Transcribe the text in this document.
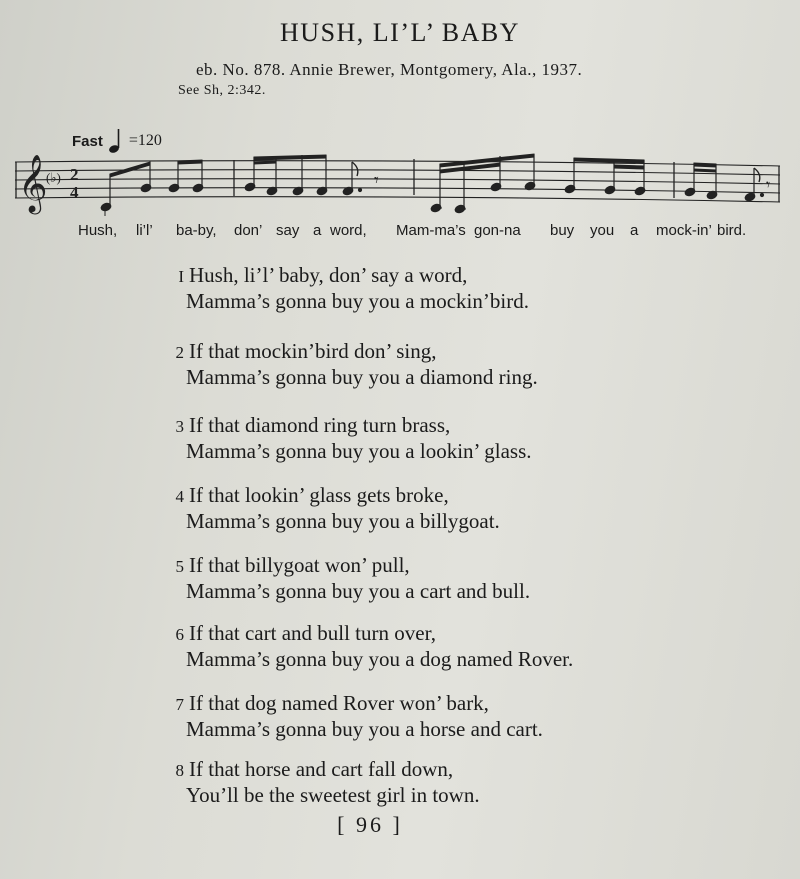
HUSH, LI’L’ BABY
eb. No. 878. Annie Brewer, Montgomery, Ala., 1937.
See Sh, 2:342.
Fast =120
𝄞
(♭) 2
4
𝄾	𝄾
Hush, li’l’ ba-by, don’ say a word, Mam-ma’s gon-na buy you a mock-in’ bird.
I Hush, li’l’ baby, don’ say a word,
Mamma’s gonna buy you a mockin’bird.
2 If that mockin’bird don’ sing,
Mamma’s gonna buy you a diamond ring.
3 If that diamond ring turn brass,
Mamma’s gonna buy you a lookin’ glass.
4 If that lookin’ glass gets broke,
Mamma’s gonna buy you a billygoat.
5 If that billygoat won’ pull,
Mamma’s gonna buy you a cart and bull.
6 If that cart and bull turn over,
Mamma’s gonna buy you a dog named Rover.
7 If that dog named Rover won’ bark,
Mamma’s gonna buy you a horse and cart.
8 If that horse and cart fall down,
You’ll be the sweetest girl in town.
[ 96 ]
